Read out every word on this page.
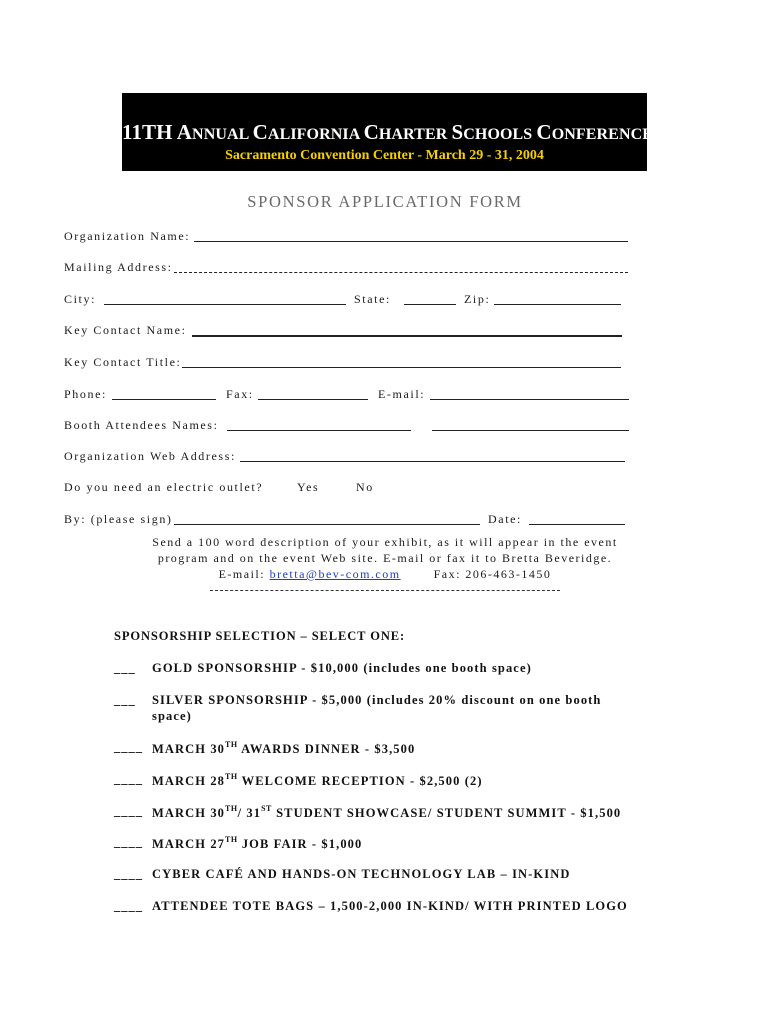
11TH ANNUAL CALIFORNIA CHARTER SCHOOLS CONFERENCE
Sacramento Convention Center - March 29 - 31, 2004
SPONSOR APPLICATION FORM
Organization Name:
Mailing Address:
City:	State:	Zip:
Key Contact Name:
Key Contact Title:
Phone:	Fax:	E-mail:
Booth Attendees Names:
Organization Web Address:
Do you need an electric outlet?	Yes	No
By: (please sign)	Date:
Send a 100 word description of your exhibit, as it will appear in the event
program and on the event Web site. E-mail or fax it to Bretta Beveridge.
E-mail: bretta@bev-com.com	Fax: 206-463-1450
SPONSORSHIP SELECTION – SELECT ONE:
___ GOLD SPONSORSHIP - $10,000 (includes one booth space)
___ SILVER SPONSORSHIP - $5,000 (includes 20% discount on one booth
space)
____ MARCH 30TH AWARDS DINNER - $3,500
____ MARCH 28TH WELCOME RECEPTION - $2,500 (2)
____ MARCH 30TH/ 31ST STUDENT SHOWCASE/ STUDENT SUMMIT - $1,500
____ MARCH 27TH JOB FAIR - $1,000
____ CYBER CAFÉ AND HANDS-ON TECHNOLOGY LAB – IN-KIND
____ ATTENDEE TOTE BAGS – 1,500-2,000 IN-KIND/ WITH PRINTED LOGO
